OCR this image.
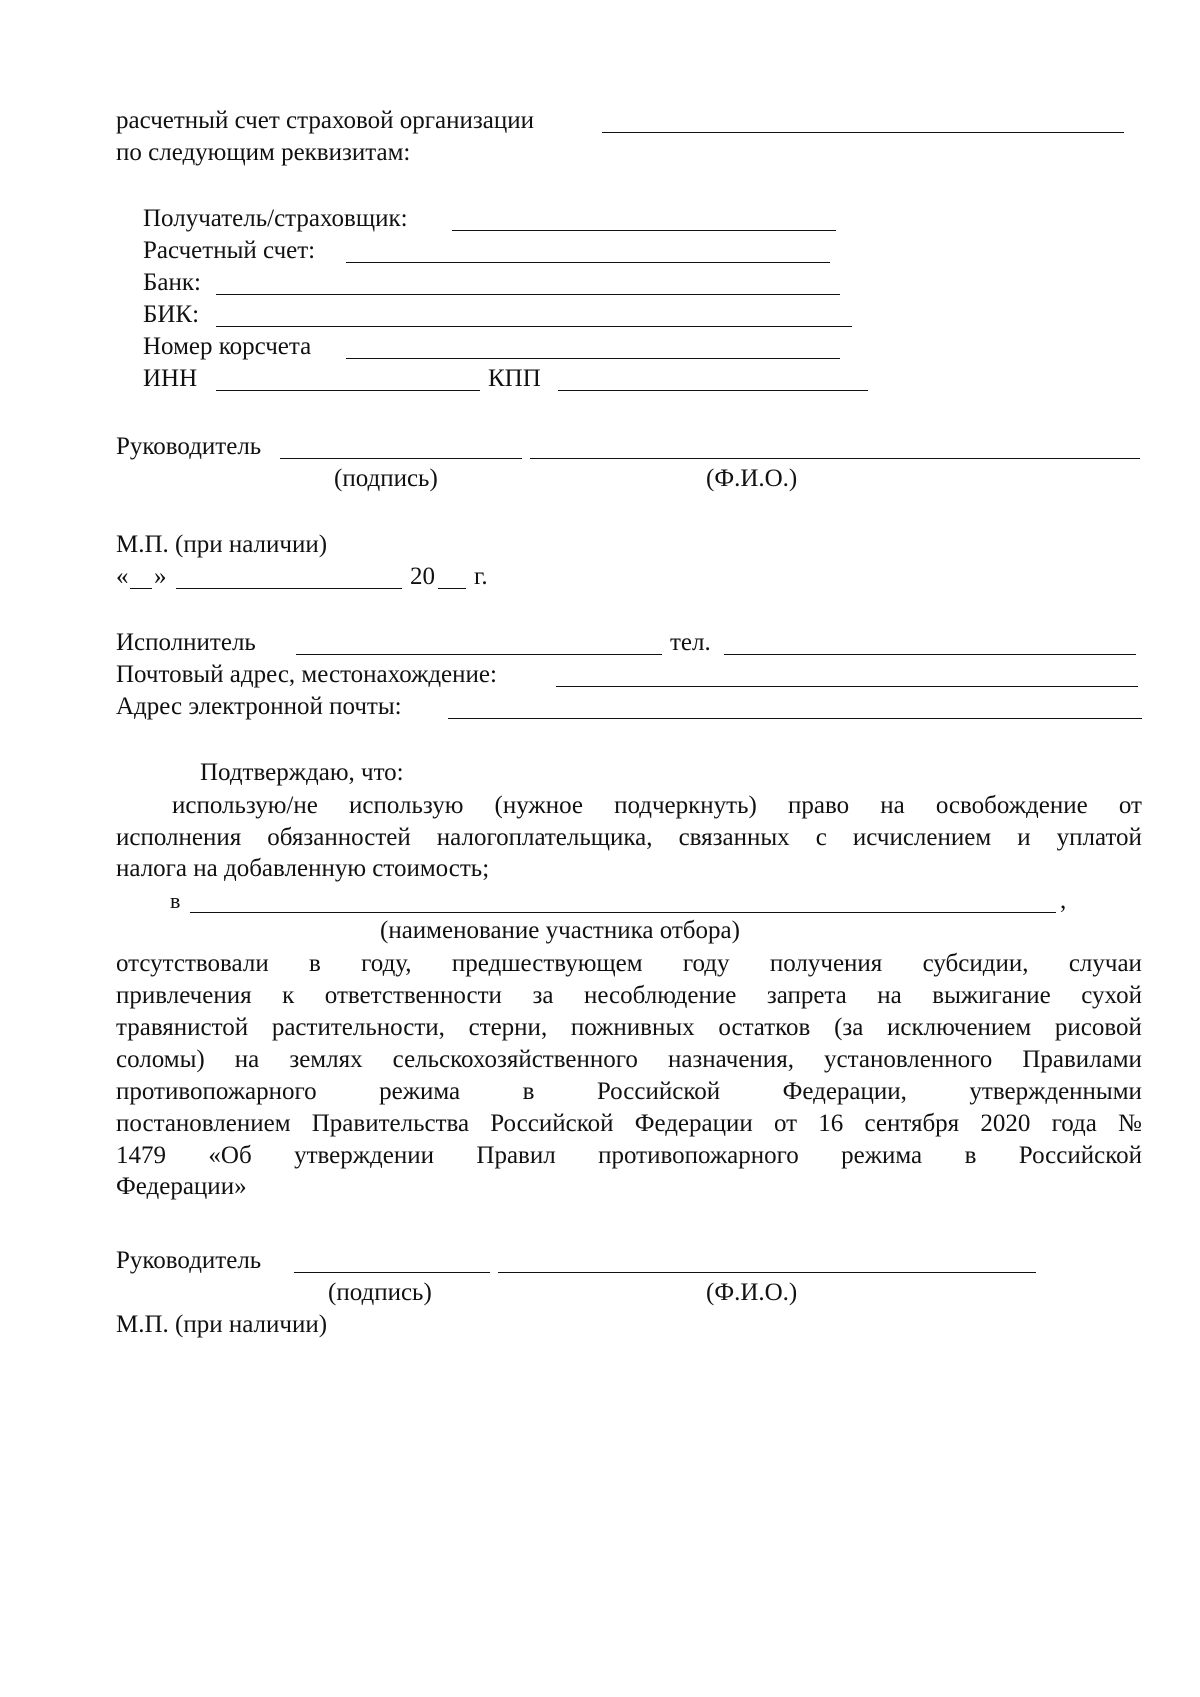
расчетный счет страховой организации
по следующим реквизитам:
Получатель/страховщик:
Расчетный счет:
Банк:
БИК:
Номер корсчета
ИНН	КПП
Руководитель
(подпись)	(Ф.И.О.)
М.П. (при наличии)
« »	20 г.
Исполнитель	тел.
Почтовый адрес, местонахождение:
Адрес электронной почты:
Подтверждаю, что:
использую/не использую (нужное подчеркнуть) право на освобождение от
исполнения обязанностей налогоплательщика, связанных с исчислением и уплатой
налога на добавленную стоимость;
в	,
(наименование участника отбора)
отсутствовали в году, предшествующем году получения субсидии, случаи
привлечения к ответственности за несоблюдение запрета на выжигание сухой
травянистой растительности, стерни, пожнивных остатков (за исключением рисовой
соломы) на землях сельскохозяйственного назначения, установленного Правилами
противопожарного режима в Российской Федерации, утвержденными
постановлением Правительства Российской Федерации от 16 сентября 2020 года №
1479 «Об утверждении Правил противопожарного режима в Российской
Федерации»
Руководитель
(подпись)	(Ф.И.О.)
М.П. (при наличии)
